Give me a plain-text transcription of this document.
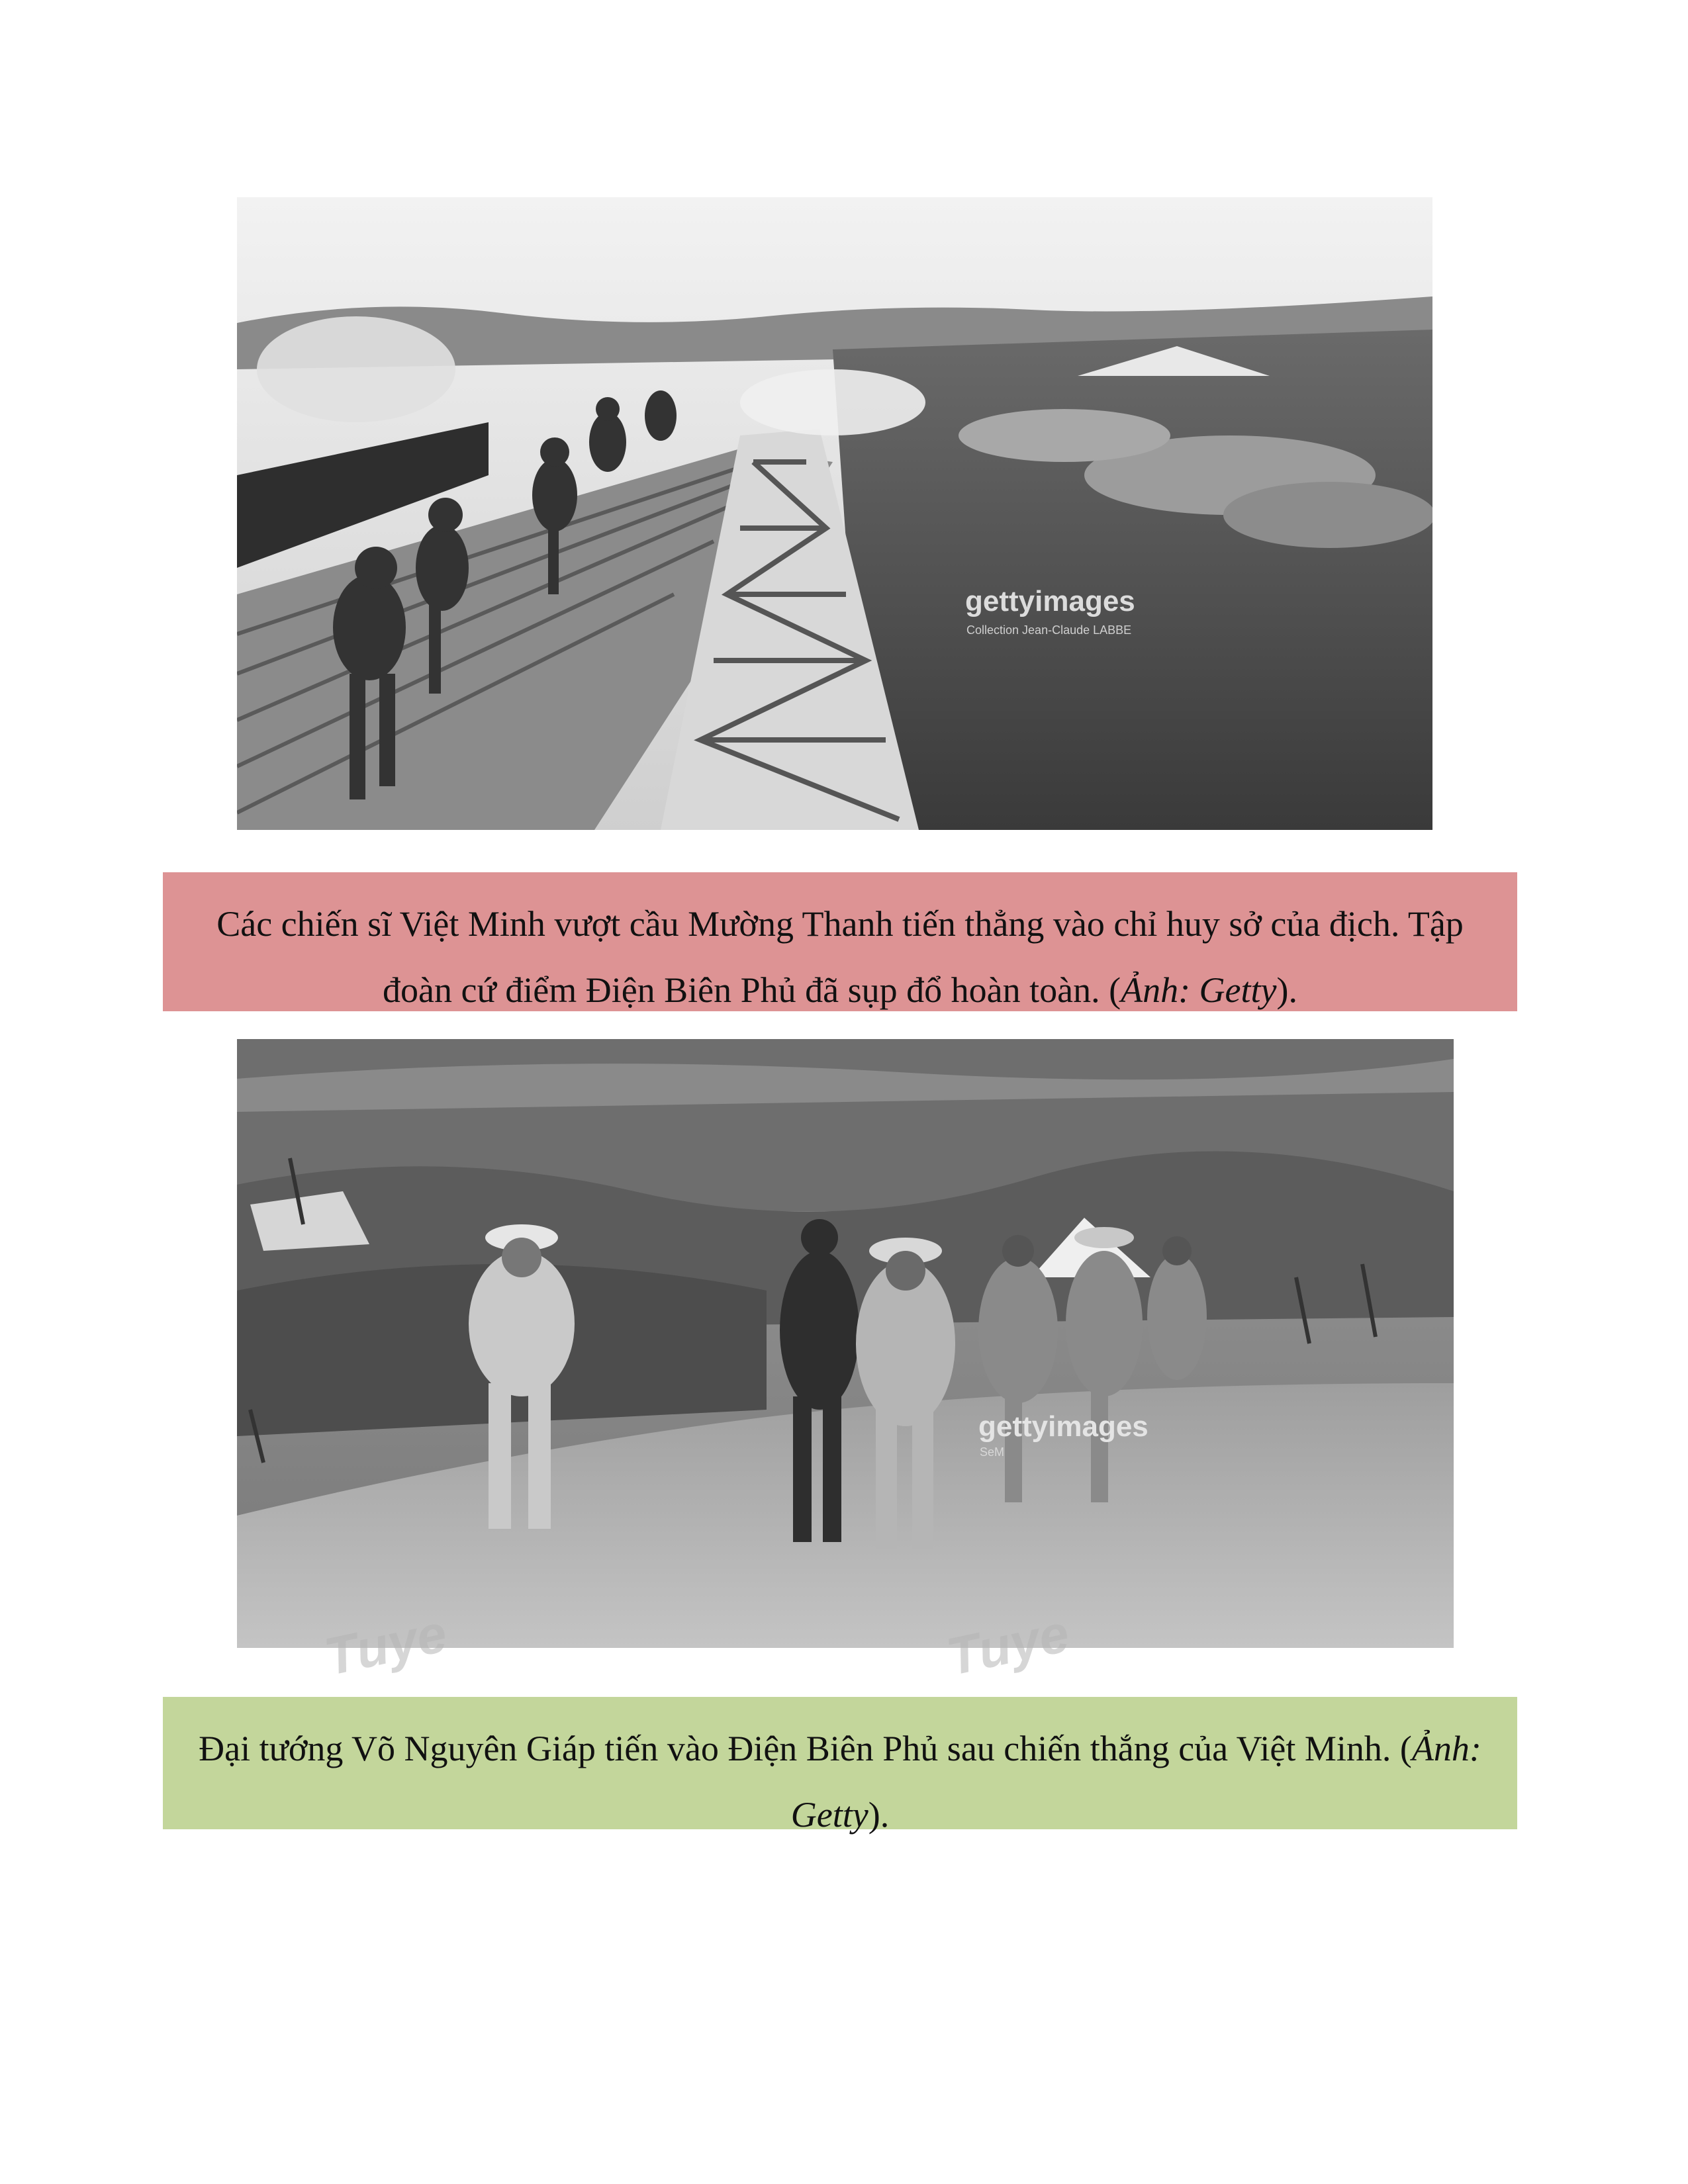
gettyimages
Collection Jean-Claude LABBE
Các chiến sĩ Việt Minh vượt cầu Mường Thanh tiến thẳng vào chỉ huy sở của địch. Tập đoàn cứ điểm Điện Biên Phủ đã sụp đổ hoàn toàn. (Ảnh: Getty).
gettyimages
SeM
Tuye	Tuye
Đại tướng Võ Nguyên Giáp tiến vào Điện Biên Phủ sau chiến thắng của Việt Minh. (Ảnh: Getty).
